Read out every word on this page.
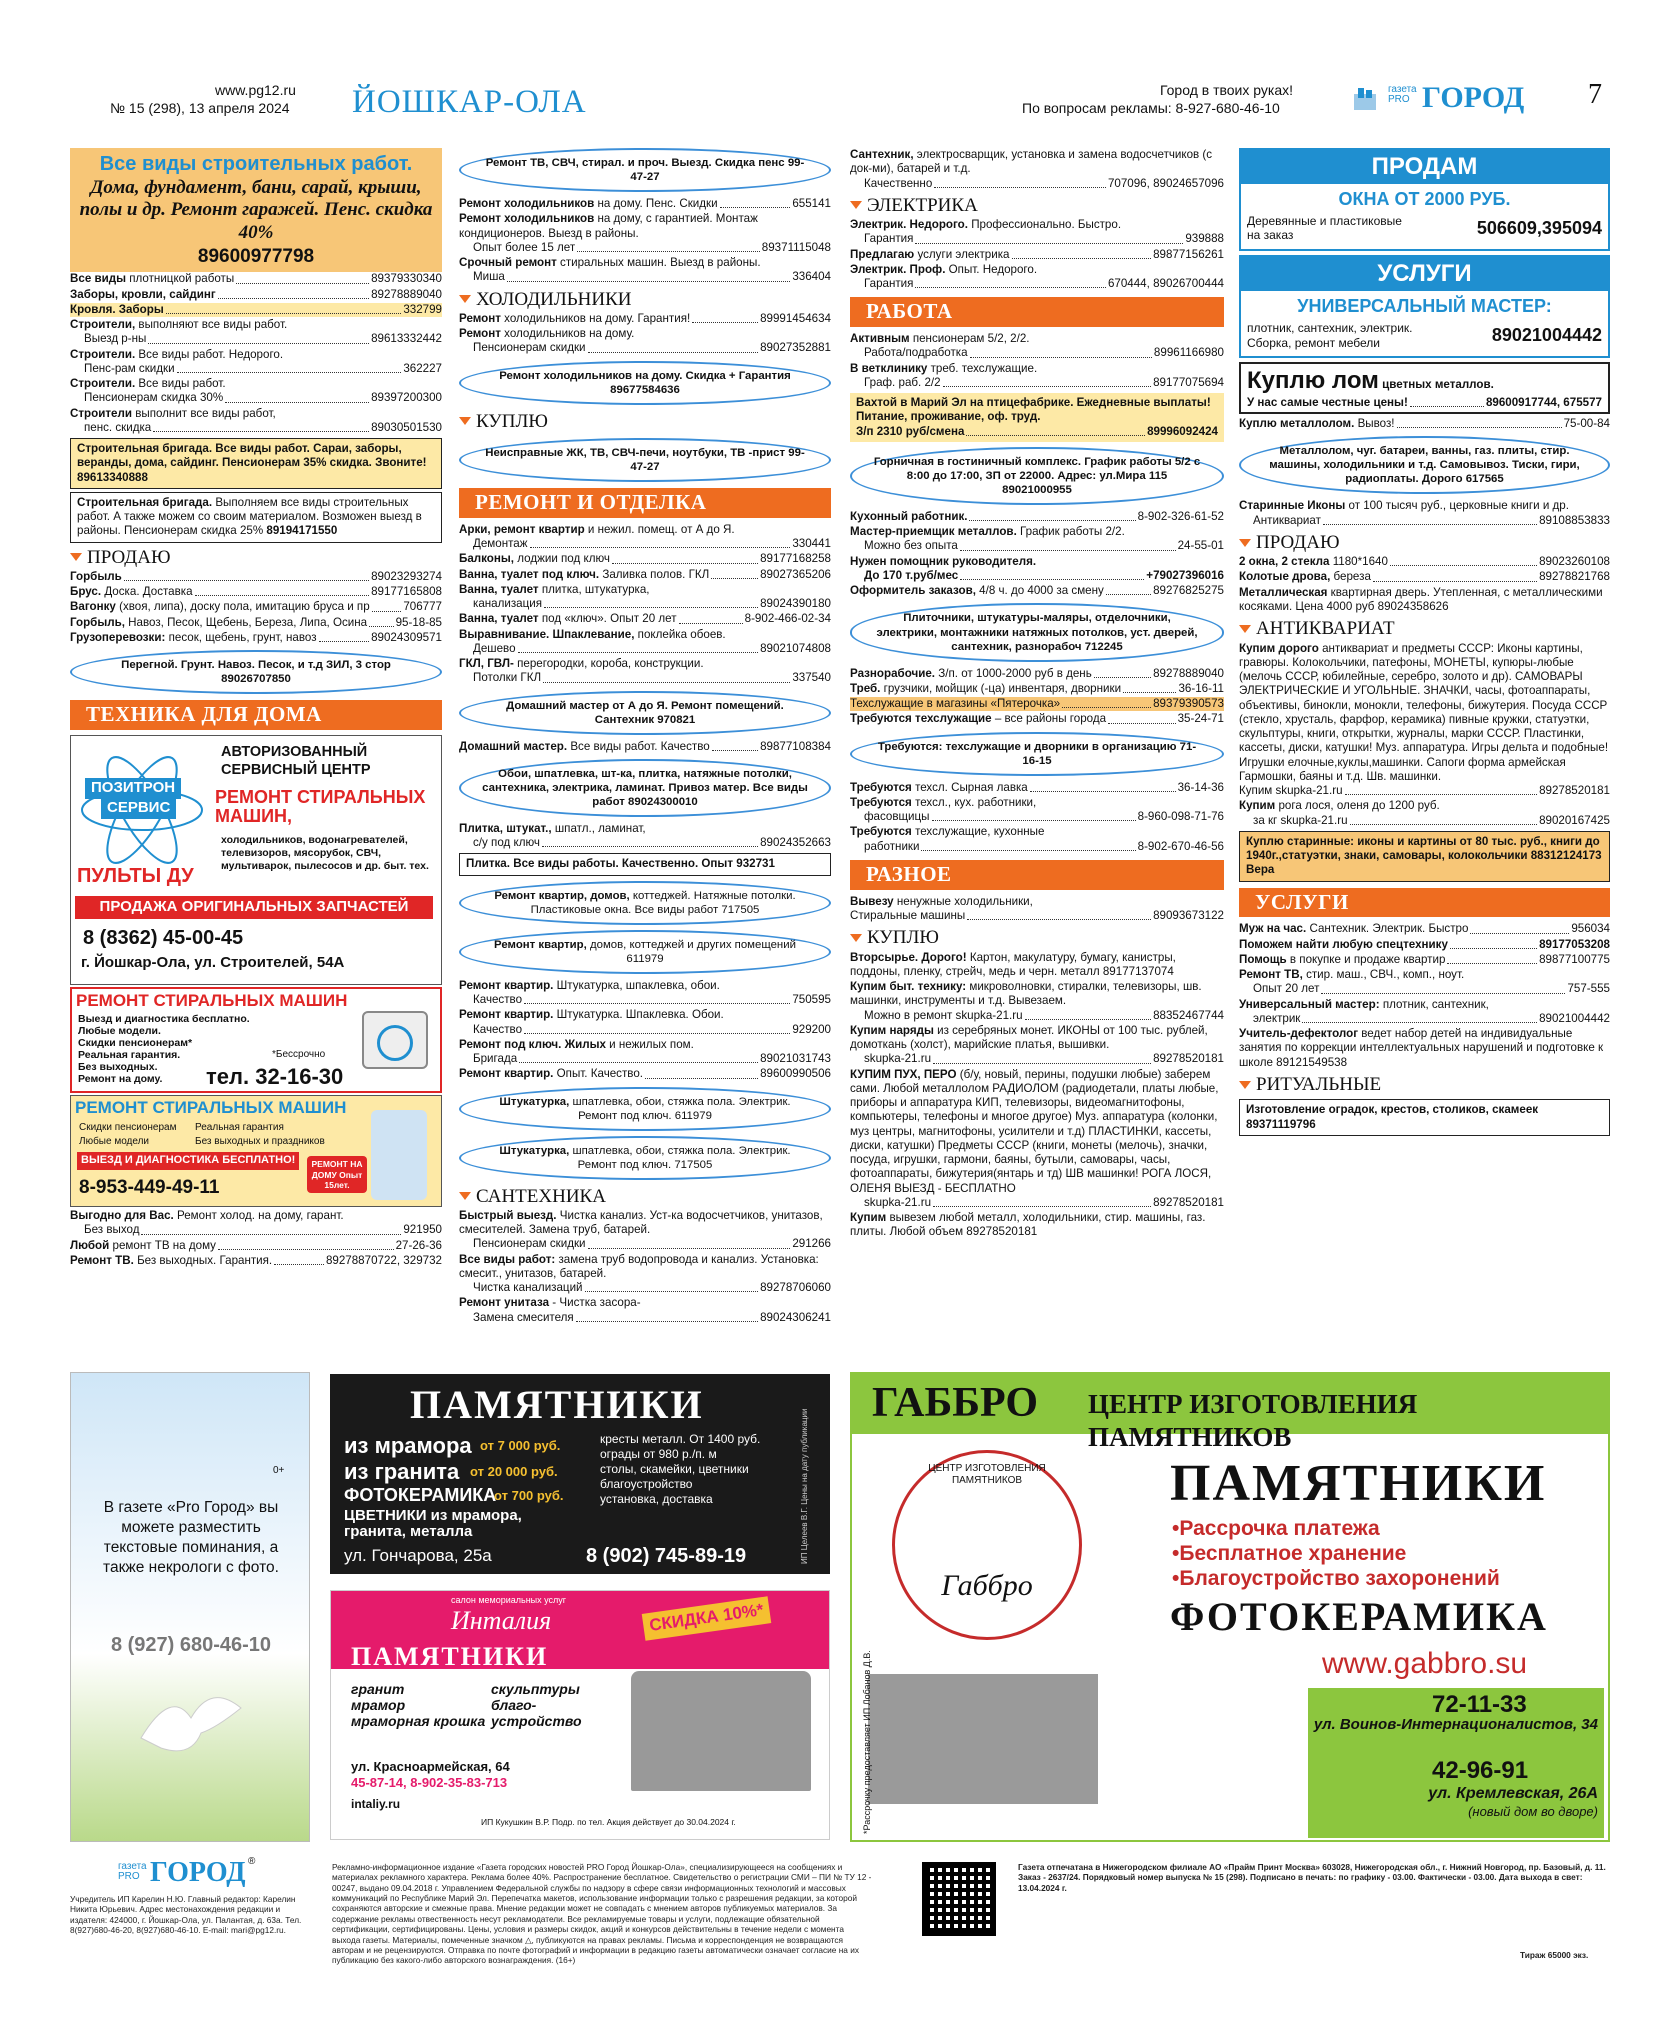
www.pg12.ru
№ 15 (298), 13 апреля 2024 ЙОШКАР-ОЛА	Город в твоих руках!
По вопросам рекламы: 8-927-680-46-10
газета PRO ГОРОД 7
Все виды строительных работ.
Дома, фундамент, бани, сарай, крыши, полы и др. Ремонт гаражей. Пенс. скидка 40%
89600977798
Все виды плотницкой работы	89379330340
Заборы, кровли, сайдинг	89278889040
Кровля. Заборы	332799
Строители, выполняют все виды работ.
Выезд р-ны	89613332442
Строители. Все виды работ. Недорого.
Пенс-рам скидки	362227
Строители. Все виды работ.
Пенсионерам скидка 30%	89397200300
Строители выполнит все виды работ,
пенс. скидка	89030501530
Строительная бригада. Все виды работ. Сараи, заборы, веранды, дома, сайдинг. Пенсионерам 35% скидка. Звоните! 89613340888
Строительная бригада. Выполняем все виды строительных работ. А также можем со своим материалом. Возможен выезд в районы. Пенсионерам скидка 25% 89194171550
ПРОДАЮ
Горбыль	89023293274
Брус. Доска. Доставка	89177165808
Вагонку (хвоя, липа), доску пола, имитацию бруса и пр	706777
Горбыль, Навоз, Песок, Щебень, Береза, Липа, Осина 95-18-85
Грузоперевозки: песок, щебень, грунт, навоз	89024309571
Перегной. Грунт. Навоз. Песок, и т.д ЗИЛ, 3 стор 89026707850
ТЕХНИКА ДЛЯ ДОМА
ПОЗИТРОН
СЕРВИС
АВТОРИЗОВАННЫЙ СЕРВИСНЫЙ ЦЕНТР
РЕМОНТ СТИРАЛЬНЫХ МАШИН,
холодильников, водонагревателей, телевизоров, мясорубок, СВЧ, мультиварок, пылесосов и др. быт. тех.
ПУЛЬТЫ ДУ
ПРОДАЖА ОРИГИНАЛЬНЫХ ЗАПЧАСТЕЙ
8 (8362) 45-00-45
г. Йошкар-Ола, ул. Строителей, 54А
РЕМОНТ СТИРАЛЬНЫХ МАШИН
Выезд и диагностика бесплатно.
Любые модели.
Скидки пенсионерам*
Реальная гарантия.
Без выходных.
Ремонт на дому.
*Бессрочно
тел. 32-16-30
РЕМОНТ СТИРАЛЬНЫХ МАШИН
Скидки пенсионерам Реальная гарантия
Любые модели	Без выходных и праздников
ВЫЕЗД И ДИАГНОСТИКА БЕСПЛАТНО!
8-953-449-49-11
РЕМОНТ НА ДОМУ Опыт 15лет.
Выгодно для Вас. Ремонт холод. на дому, гарант.
Без выход	921950
Любой ремонт ТВ на дому	27-26-36
Ремонт ТВ. Без выходных. Гарантия.	89278870722, 329732
Ремонт ТВ, СВЧ, стирал. и проч. Выезд. Скидка пенс 99-47-27
Ремонт холодильников на дому. Пенс. Скидки	655141
Ремонт холодильников на дому, с гарантией. Монтаж кондиционеров. Выезд в районы.
Опыт более 15 лет	89371115048
Срочный ремонт стиральных машин. Выезд в районы.
Миша	336404
ХОЛОДИЛЬНИКИ
Ремонт холодильников на дому. Гарантия!	89991454634
Ремонт холодильников на дому.
Пенсионерам скидки	89027352881
Ремонт холодильников на дому. Скидка + Гарантия 89677584636
КУПЛЮ
Неисправные ЖК, ТВ, СВЧ-печи, ноутбуки, ТВ -прист 99-47-27
РЕМОНТ И ОТДЕЛКА
Арки, ремонт квартир и нежил. помещ. от А до Я.
Демонтаж	330441
Балконы, лоджии под ключ	89177168258
Ванна, туалет под ключ. Заливка полов. ГКЛ	89027365206
Ванна, туалет плитка, штукатурка,
канализация	89024390180
Ванна, туалет под «ключ». Опыт 20 лет	8-902-466-02-34
Выравнивание. Шпаклевание, поклейка обоев.
Дешево	89021074808
ГКЛ, ГВЛ- перегородки, короба, конструкции.
Потолки ГКЛ	337540
Домашний мастер от А до Я. Ремонт помещений. Сантехник 970821
Домашний мастер. Все виды работ. Качество	89877108384
Обои, шпатлевка, шт-ка, плитка, натяжные потолки, сантехника, электрика, ламинат. Привоз матер. Все виды работ 89024300010
Плитка, штукат., шпатл., ламинат,
с/у под ключ	89024352663
Плитка. Все виды работы. Качественно. Опыт 932731
Ремонт квартир, домов, коттеджей. Натяжные потолки. Пластиковые окна. Все виды работ 717505
Ремонт квартир, домов, коттеджей и других помещений 611979
Ремонт квартир. Штукатурка, шпаклевка, обои.
Качество	750595
Ремонт квартир. Штукатурка. Шпаклевка. Обои.
Качество	929200
Ремонт под ключ. Жилых и нежилых пом.
Бригада	89021031743
Ремонт квартир. Опыт. Качество.	89600990506
Штукатурка, шпатлевка, обои, стяжка пола. Электрик. Ремонт под ключ. 611979
Штукатурка, шпатлевка, обои, стяжка пола. Электрик. Ремонт под ключ. 717505
САНТЕХНИКА
Быстрый выезд. Чистка канализ. Уст-ка водосчетчиков, унитазов, смесителей. Замена труб, батарей.
Пенсионерам скидки	291266
Все виды работ: замена труб водопровода и канализ. Установка: смесит., унитазов, батарей.
Чистка канализаций	89278706060
Ремонт унитаза - Чистка засора-
Замена смесителя	89024306241
Сантехник, электросварщик, установка и замена водосчетчиков (с док-ми), батарей и т.д.
Качественно	707096, 89024657096
ЭЛЕКТРИКА
Электрик. Недорого. Профессионально. Быстро.
Гарантия	939888
Предлагаю услуги электрика	89877156261
Электрик. Проф. Опыт. Недорого.
Гарантия	670444, 89026700444
РАБОТА
Активным пенсионерам 5/2, 2/2.
Работа/подработка	89961166980
В ветклинику треб. техслужащие.
Граф. раб. 2/2	89177075694
Вахтой в Марий Эл на птицефабрике. Ежедневные выплаты! Питание, проживание, оф. труд.
З/п 2310 руб/смена	89996092424
Горничная в гостиничный комплекс. График работы 5/2 с 8:00 до 17:00, ЗП от 22000. Адрес: ул.Мира 115 89021000955
Кухонный работник.	8-902-326-61-52
Мастер-приемщик металлов. График работы 2/2.
Можно без опыта	24-55-01
Нужен помощник руководителя.
До 170 т.руб/мес	+79027396016
Оформитель заказов, 4/8 ч. до 4000 за смену	89276825275
Плиточники, штукатуры-маляры, отделочники, электрики, монтажники натяжных потолков, уст. дверей, сантехник, разнорабоч 712245
Разнорабочие. З/п. от 1000-2000 руб в день	89278889040
Треб. грузчики, мойщик (-ца) инвентаря, дворники	36-16-11
Техслужащие в магазины «Пятерочка»	89379390573
Требуются техслужащие – все районы города	35-24-71
Требуются: техслужащие и дворники в организацию 71-16-15
Требуются техсл. Сырная лавка	36-14-36
Требуются техсл., кух. работники,
фасовщицы	8-960-098-71-76
Требуются техслужащие, кухонные
работники	8-902-670-46-56
РАЗНОЕ
Вывезу ненужные холодильники,
Стиральные машины	89093673122
КУПЛЮ
Вторсырье. Дорого! Картон, макулатуру, бумагу, канистры, поддоны, пленку, стрейч, медь и черн. металл 89177137074
Купим быт. технику: микроволновки, стиралки, телевизоры, шв. машинки, инструменты и т.д. Вывезаем.
Можно в ремонт skupka-21.ru	88352467744
Купим наряды из серебряных монет. ИКОНЫ от 100 тыс. рублей, домоткань (холст), марийские платья, вышивки.
skupka-21.ru	89278520181
КУПИМ ПУХ, ПЕРО (б/у, новый, перины, подушки любые) заберем сами. Любой металлолом РАДИОЛОМ (радиодетали, платы любые, приборы и аппаратура КИП, телевизоры, видеомагнитофоны, компьютеры, телефоны и многое другое) Муз. аппаратура (колонки, муз центры, магнитофоны, усилители и т.д) ПЛАСТИНКИ, кассеты, диски, катушки) Предметы СССР (книги, монеты (мелочь), значки, посуда, игрушки, гармони, баяны, бутыли, самовары, часы, фотоаппараты, бижутерия(янтарь и тд) ШВ машинки! РОГА ЛОСЯ, ОЛЕНЯ ВЫЕЗД - БЕСПЛАТНО
skupka-21.ru	89278520181
Купим вывезем любой металл, холодильники, стир. машины, газ. плиты. Любой объем 89278520181
ПРОДАМ
ОКНА ОТ 2000 РУБ.
Деревянные и пластиковые
на заказ	506609,395094
УСЛУГИ
УНИВЕРСАЛЬНЫЙ МАСТЕР:
плотник, сантехник, электрик.
Сборка, ремонт мебели	89021004442
Куплю лом цветных металлов.
У нас самые честные цены!	89600917744, 675577
Куплю металлолом. Вывоз!	75-00-84
Металлолом, чуг. батареи, ванны, газ. плиты, стир. машины, холодильники и т.д. Самовывоз. Тиски, гири, радиоплаты. Дорого 617565
Старинные Иконы от 100 тысяч руб., церковные книги и др.
Антиквариат	89108853833
ПРОДАЮ
2 окна, 2 стекла 1180*1640	89023260108
Колотые дрова, береза	89278821768
Металлическая квартирная дверь. Утепленная, с металлическими косяками. Цена 4000 руб 89024358626
АНТИКВАРИАТ
Купим дорого антиквариат и предметы СССР: Иконы картины, гравюры. Колокольчики, патефоны, МОНЕТЫ, купюры-любые (мелочь СССР, юбилейные, серебро, золото и др). САМОВАРЫ ЭЛЕКТРИЧЕСКИЕ И УГОЛЬНЫЕ. ЗНАЧКИ, часы, фотоаппараты, объективы, бинокли, монокли, телефоны, бижутерия. Посуда СССР (стекло, хрусталь, фарфор, керамика) пивные кружки, статуэтки, скульптуры, книги, открытки, журналы, марки СССР. Пластинки, кассеты, диски, катушки! Муз. аппаратура. Игры дельта и подобные! Игрушки елочные,куклы,машинки. Сапоги форма армейская Гармошки, баяны и т.д. Шв. машинки.
Купим skupka-21.ru	89278520181
Купим рога лося, оленя до 1200 руб.
за кг skupka-21.ru	89020167425
Куплю старинные: иконы и картины от 80 тыс. руб., книги до 1940г.,статуэтки, знаки, самовары, колокольчики 88312124173 Вера
УСЛУГИ
Муж на час. Сантехник. Электрик. Быстро	956034
Поможем найти любую спецтехнику	89177053208
Помощь в покупке и продаже квартир	89877100775
Ремонт ТВ, стир. маш., СВЧ., комп., ноут.
Опыт 20 лет	757-555
Универсальный мастер: плотник, сантехник,
электрик	89021004442
Учитель-дефектолог ведет набор детей на индивидуальные занятия по коррекции интеллектуальных нарушений и подготовке к школе 89121549538
РИТУАЛЬНЫЕ
Изготовление оградок, крестов, столиков, скамеек 89371119796
0+
В газете «Pro Город» вы можете разместить текстовые поминания, а также некрологи с фото.
8 (927) 680-46-10
ПАМЯТНИКИ
из мрамора от 7 000 руб.
из гранита от 20 000 руб.
ФОТОКЕРАМИКА
от 700 руб.
ЦВЕТНИКИ из мрамора, гранита, металла
кресты металл. От 1400 руб.
ограды от 980 р./п. м
столы, скамейки, цветники
благоустройство
установка, доставка
ул. Гончарова, 25а	8 (902) 745-89-19	ИП Целеев В.Г. Цены на дату публикации
салон мемориальных услуг
Инталия
ПАМЯТНИКИ
СКИДКА 10%*
гранит
мрамор
мраморная крошка
скульптуры
благо-устройство
ул. Красноармейская, 64
45-87-14, 8-902-35-83-713
intaliy.ru
ИП Кукушкин В.Р. Подр. по тел. Акция действует до 30.04.2024 г.
ГАББРО ЦЕНТР ИЗГОТОВЛЕНИЯ ПАМЯТНИКОВ
ЦЕНТР ИЗГОТОВЛЕНИЯ ПАМЯТНИКОВ
Габбро
*Рассрочку предоставляет ИП Лобанов Д.В.
ПАМЯТНИКИ
•Рассрочка платежа
•Бесплатное хранение
•Благоустройство захоронений
ФОТОКЕРАМИКА
www.gabbro.su
72-11-33
ул. Воинов-Интернационалистов, 34
42-96-91
ул. Кремлевская, 26А
(новый дом во дворе)
газета PRO ГОРОД ®
Учредитель ИП Карелин Н.Ю. Главный редактор: Карелин Никита Юрьевич. Адрес местонахождения редакции и издателя: 424000, г. Йошкар-Ола, ул. Палантая, д. 63а. Тел. 8(927)680-46-20, 8(927)680-46-10. E-mail: mari@pg12.ru.
Рекламно-информационное издание «Газета городских новостей PRO Город Йошкар-Ола», специализирующееся на сообщениях и материалах рекламного характера. Реклама более 40%. Распространение бесплатное. Свидетельство о регистрации СМИ – ПИ № ТУ 12 - 00247, выдано 09.04.2018 г. Управлением Федеральной службы по надзору в сфере связи информационных технологий и массовых коммуникаций по Республике Марий Эл. Перепечатка макетов, использование информации только с разрешения редакции, за которой сохраняются авторские и смежные права. Мнение редакции может не совпадать с мнением авторов публикуемых материалов. За содержание рекламы отвественность несут рекламодатели. Все рекламируемые товары и услуги, подлежащие обязательной сертификации, сертифицированы. Цены, условия и размеры скидок, акций и конкурсов действительны в течение недели с момента выхода газеты. Материалы, помеченные значком △, публикуются на правах рекламы. Письма и корреспонденция не возвращаются авторам и не рецензируются. Отправка по почте фотографий и информации в редакцию газеты автоматически означает согласие на их публикацию без какого-либо авторского вознаграждения. (16+)
Газета отпечатана в Нижегородском филиале АО «Прайм Принт Москва» 603028, Нижегородская обл., г. Нижний Новгород, пр. Базовый, д. 11. Заказ - 2637/24. Порядковый номер выпуска № 15 (298). Подписано в печать: по графику - 03.00. Фактически - 03.00. Дата выхода в свет: 13.04.2024 г.
Тираж 65000 экз.
